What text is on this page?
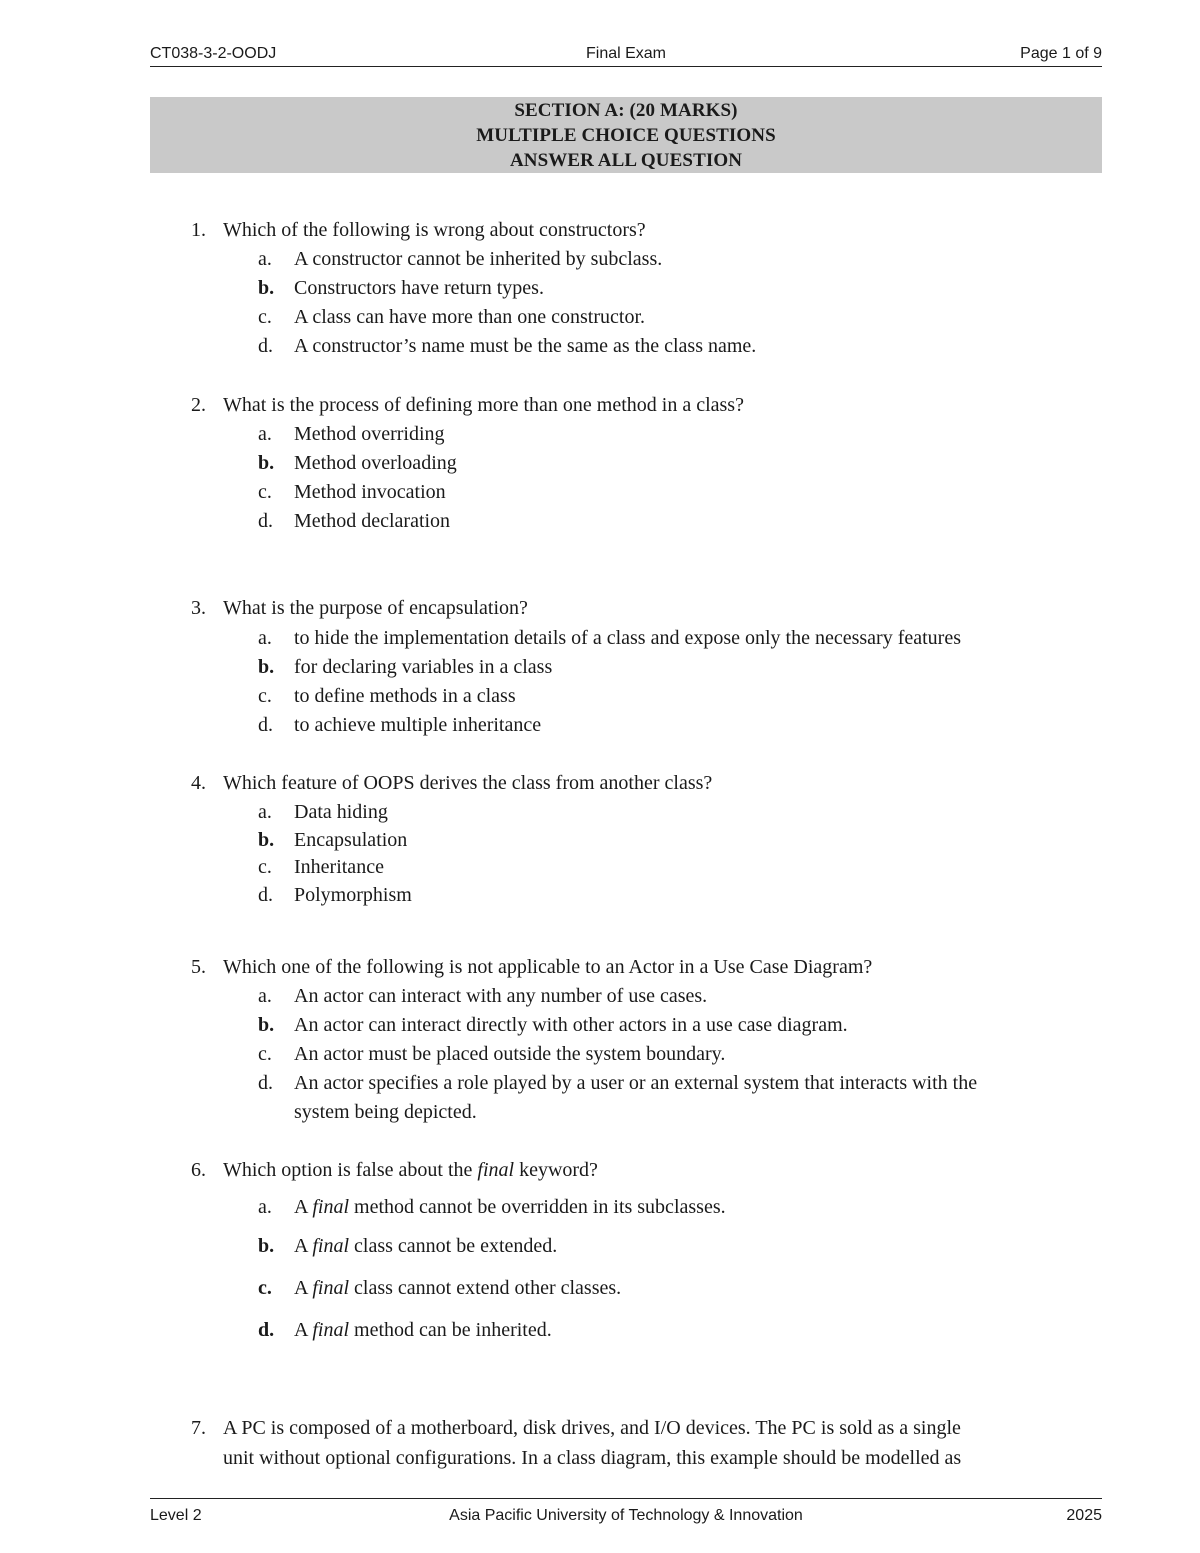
CT038-3-2-OODJ	Final Exam	Page 1 of 9
SECTION A: (20 MARKS)
MULTIPLE CHOICE QUESTIONS
ANSWER ALL QUESTION
1. Which of the following is wrong about constructors?
a.	A constructor cannot be inherited by subclass.
b. Constructors have return types.
c.	A class can have more than one constructor.
d. A constructor’s name must be the same as the class name.
2. What is the process of defining more than one method in a class?
a.	Method overriding
b. Method overloading
c.	Method invocation
d. Method declaration
3. What is the purpose of encapsulation?
a.	to hide the implementation details of a class and expose only the necessary features
b. for declaring variables in a class
c.	to define methods in a class
d. to achieve multiple inheritance
4. Which feature of OOPS derives the class from another class?
a.	Data hiding
b. Encapsulation
c.	Inheritance
d. Polymorphism
5. Which one of the following is not applicable to an Actor in a Use Case Diagram?
a.	An actor can interact with any number of use cases.
b. An actor can interact directly with other actors in a use case diagram.
c.	An actor must be placed outside the system boundary.
d. An actor specifies a role played by a user or an external system that interacts with the
system being depicted.
6. Which option is false about the final keyword?
a.	A final method cannot be overridden in its subclasses.
b. A final class cannot be extended.
c.	A final class cannot extend other classes.
d. A final method can be inherited.
7. A PC is composed of a motherboard, disk drives, and I/O devices. The PC is sold as a single
unit without optional configurations. In a class diagram, this example should be modelled as
Level 2	Asia Pacific University of Technology & Innovation	2025
